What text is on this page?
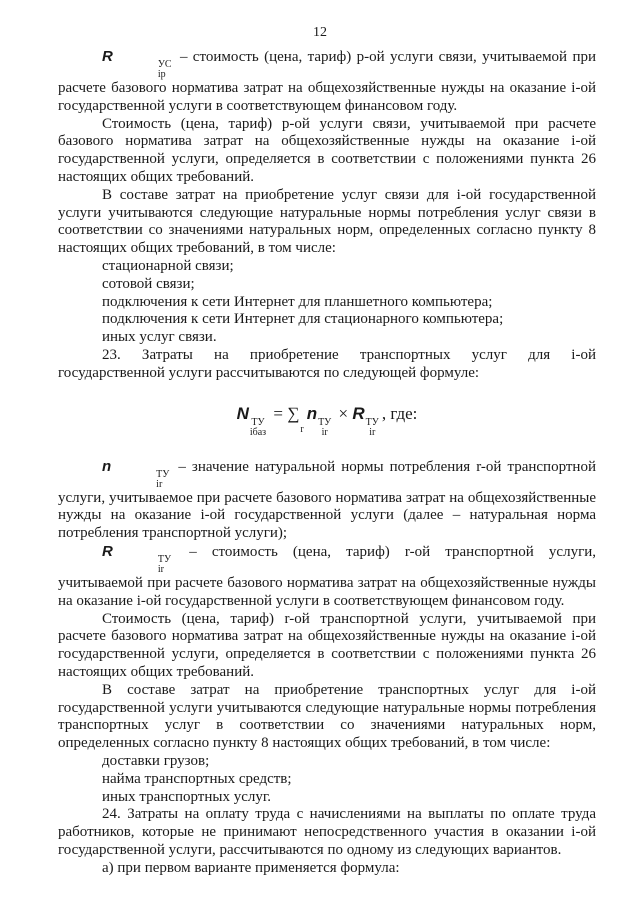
12

R	УС
ip
– стоимость (цена, тариф) p-ой услуги связи, учитываемой при расчете базового норматива затрат на общехозяйственные нужды на оказание i-ой государственной услуги в соответствующем финансовом году.

Стоимость (цена, тариф) p-ой услуги связи, учитываемой при расчете базового норматива затрат на общехозяйственные нужды на оказание i-ой государственной услуги, определяется в соответствии с положениями пункта 26 настоящих общих требований.

В составе затрат на приобретение услуг связи для i-ой государственной услуги учитываются следующие натуральные нормы потребления услуг связи в соответствии со значениями натуральных норм, определенных согласно пункту 8 настоящих общих требований, в том числе:

стационарной связи;

сотовой связи;

подключения к сети Интернет для планшетного компьютера;

подключения к сети Интернет для стационарного компьютера;

иных услуг связи.

23. Затраты на приобретение транспортных услуг для i-ой

государственной услуги рассчитываются по следующей формуле:

N ТУ
iбаз
= ∑
r
n ТУ
ir
× R ТУ
ir
, где:

n	ТУ
ir
– значение натуральной нормы потребления r-ой транспортной услуги, учитываемое при расчете базового норматива затрат на общехозяйственные нужды на оказание i-ой государственной услуги (далее – натуральная норма потребления транспортной услуги);

R	ТУ
ir
– стоимость (цена, тариф) r-ой транспортной услуги, учитываемой при расчете базового норматива затрат на общехозяйственные нужды на оказание i-ой государственной услуги в соответствующем финансовом году.

Стоимость (цена, тариф) r-ой транспортной услуги, учитываемой при расчете базового норматива затрат на общехозяйственные нужды на оказание i-ой государственной услуги, определяется в соответствии с положениями пункта 26 настоящих общих требований.

В составе затрат на приобретение транспортных услуг для i-ой государственной услуги учитываются следующие натуральные нормы потребления транспортных услуг в соответствии со значениями натуральных норм, определенных согласно пункту 8 настоящих общих требований, в том числе:

доставки грузов;

найма транспортных средств;

иных транспортных услуг.

24. Затраты на оплату труда с начислениями на выплаты по оплате труда работников, которые не принимают непосредственного участия в оказании i-ой государственной услуги, рассчитываются по одному из следующих вариантов.

а) при первом варианте применяется формула:
